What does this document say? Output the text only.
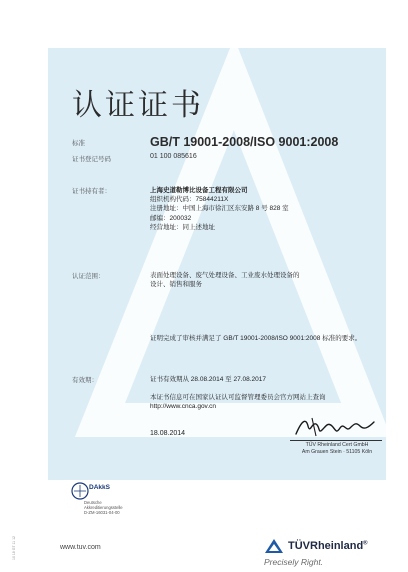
认证证书
标准	GB/T 19001-2008/ISO 9001:2008
证书登记号码	01 100 085616
证书持有者：	上海史道勒博比设备工程有限公司
组织机构代码：75844211X
注册地址：中国上海市徐汇区东安路 8 号 828 室
邮编：200032
经营地址：同上述地址
认证范围：	表面处理设备、废气处理设备、工业废水处理设备的
设计、销售和服务
证明完成了审核并满足了 GB/T 19001-2008/ISO 9001:2008 标准的要求。
有效期：	证书有效期从 28.08.2014 至 27.08.2017
本证书信息可在国家认证认可监督管理委员会官方网站上查询
http://www.cnca.gov.cn
18.08.2014
TÜV Rheinland Cert GmbH
Am Grauen Stein · 51105 Köln
DAkkS
Deutsche
Akkreditierungsstelle
D-ZM-16031-04-00
10 18 GT 11 12	www.tuv.com	TÜVRheinland®
Precisely Right.
